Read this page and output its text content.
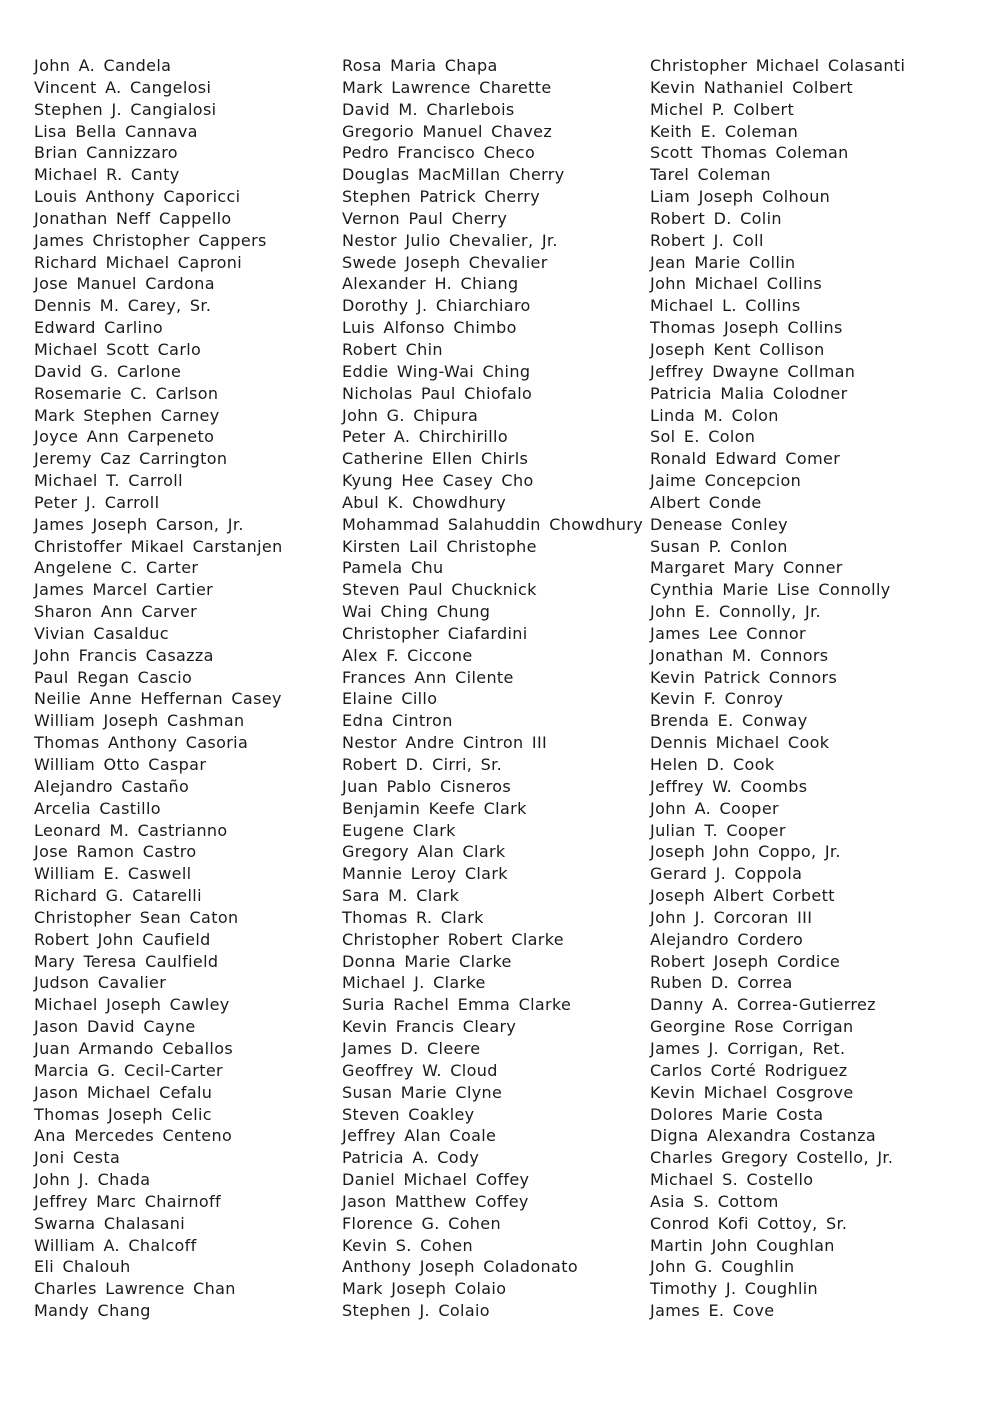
John A. Candela
Vincent A. Cangelosi
Stephen J. Cangialosi
Lisa Bella Cannava
Brian Cannizzaro
Michael R. Canty
Louis Anthony Caporicci
Jonathan Neff Cappello
James Christopher Cappers
Richard Michael Caproni
Jose Manuel Cardona
Dennis M. Carey, Sr.
Edward Carlino
Michael Scott Carlo
David G. Carlone
Rosemarie C. Carlson
Mark Stephen Carney
Joyce Ann Carpeneto
Jeremy Caz Carrington
Michael T. Carroll
Peter J. Carroll
James Joseph Carson, Jr.
Christoffer Mikael Carstanjen
Angelene C. Carter
James Marcel Cartier
Sharon Ann Carver
Vivian Casalduc
John Francis Casazza
Paul Regan Cascio
Neilie Anne Heffernan Casey
William Joseph Cashman
Thomas Anthony Casoria
William Otto Caspar
Alejandro Castaño
Arcelia Castillo
Leonard M. Castrianno
Jose Ramon Castro
William E. Caswell
Richard G. Catarelli
Christopher Sean Caton
Robert John Caufield
Mary Teresa Caulfield
Judson Cavalier
Michael Joseph Cawley
Jason David Cayne
Juan Armando Ceballos
Marcia G. Cecil-Carter
Jason Michael Cefalu
Thomas Joseph Celic
Ana Mercedes Centeno
Joni Cesta
John J. Chada
Jeffrey Marc Chairnoff
Swarna Chalasani
William A. Chalcoff
Eli Chalouh
Charles Lawrence Chan
Mandy Chang
Rosa Maria Chapa
Mark Lawrence Charette
David M. Charlebois
Gregorio Manuel Chavez
Pedro Francisco Checo
Douglas MacMillan Cherry
Stephen Patrick Cherry
Vernon Paul Cherry
Nestor Julio Chevalier, Jr.
Swede Joseph Chevalier
Alexander H. Chiang
Dorothy J. Chiarchiaro
Luis Alfonso Chimbo
Robert Chin
Eddie Wing-Wai Ching
Nicholas Paul Chiofalo
John G. Chipura
Peter A. Chirchirillo
Catherine Ellen Chirls
Kyung Hee Casey Cho
Abul K. Chowdhury
Mohammad Salahuddin Chowdhury
Kirsten Lail Christophe
Pamela Chu
Steven Paul Chucknick
Wai Ching Chung
Christopher Ciafardini
Alex F. Ciccone
Frances Ann Cilente
Elaine Cillo
Edna Cintron
Nestor Andre Cintron III
Robert D. Cirri, Sr.
Juan Pablo Cisneros
Benjamin Keefe Clark
Eugene Clark
Gregory Alan Clark
Mannie Leroy Clark
Sara M. Clark
Thomas R. Clark
Christopher Robert Clarke
Donna Marie Clarke
Michael J. Clarke
Suria Rachel Emma Clarke
Kevin Francis Cleary
James D. Cleere
Geoffrey W. Cloud
Susan Marie Clyne
Steven Coakley
Jeffrey Alan Coale
Patricia A. Cody
Daniel Michael Coffey
Jason Matthew Coffey
Florence G. Cohen
Kevin S. Cohen
Anthony Joseph Coladonato
Mark Joseph Colaio
Stephen J. Colaio
Christopher Michael Colasanti
Kevin Nathaniel Colbert
Michel P. Colbert
Keith E. Coleman
Scott Thomas Coleman
Tarel Coleman
Liam Joseph Colhoun
Robert D. Colin
Robert J. Coll
Jean Marie Collin
John Michael Collins
Michael L. Collins
Thomas Joseph Collins
Joseph Kent Collison
Jeffrey Dwayne Collman
Patricia Malia Colodner
Linda M. Colon
Sol E. Colon
Ronald Edward Comer
Jaime Concepcion
Albert Conde
Denease Conley
Susan P. Conlon
Margaret Mary Conner
Cynthia Marie Lise Connolly
John E. Connolly, Jr.
James Lee Connor
Jonathan M. Connors
Kevin Patrick Connors
Kevin F. Conroy
Brenda E. Conway
Dennis Michael Cook
Helen D. Cook
Jeffrey W. Coombs
John A. Cooper
Julian T. Cooper
Joseph John Coppo, Jr.
Gerard J. Coppola
Joseph Albert Corbett
John J. Corcoran III
Alejandro Cordero
Robert Joseph Cordice
Ruben D. Correa
Danny A. Correa-Gutierrez
Georgine Rose Corrigan
James J. Corrigan, Ret.
Carlos Corté Rodriguez
Kevin Michael Cosgrove
Dolores Marie Costa
Digna Alexandra Costanza
Charles Gregory Costello, Jr.
Michael S. Costello
Asia S. Cottom
Conrod Kofi Cottoy, Sr.
Martin John Coughlan
John G. Coughlin
Timothy J. Coughlin
James E. Cove
